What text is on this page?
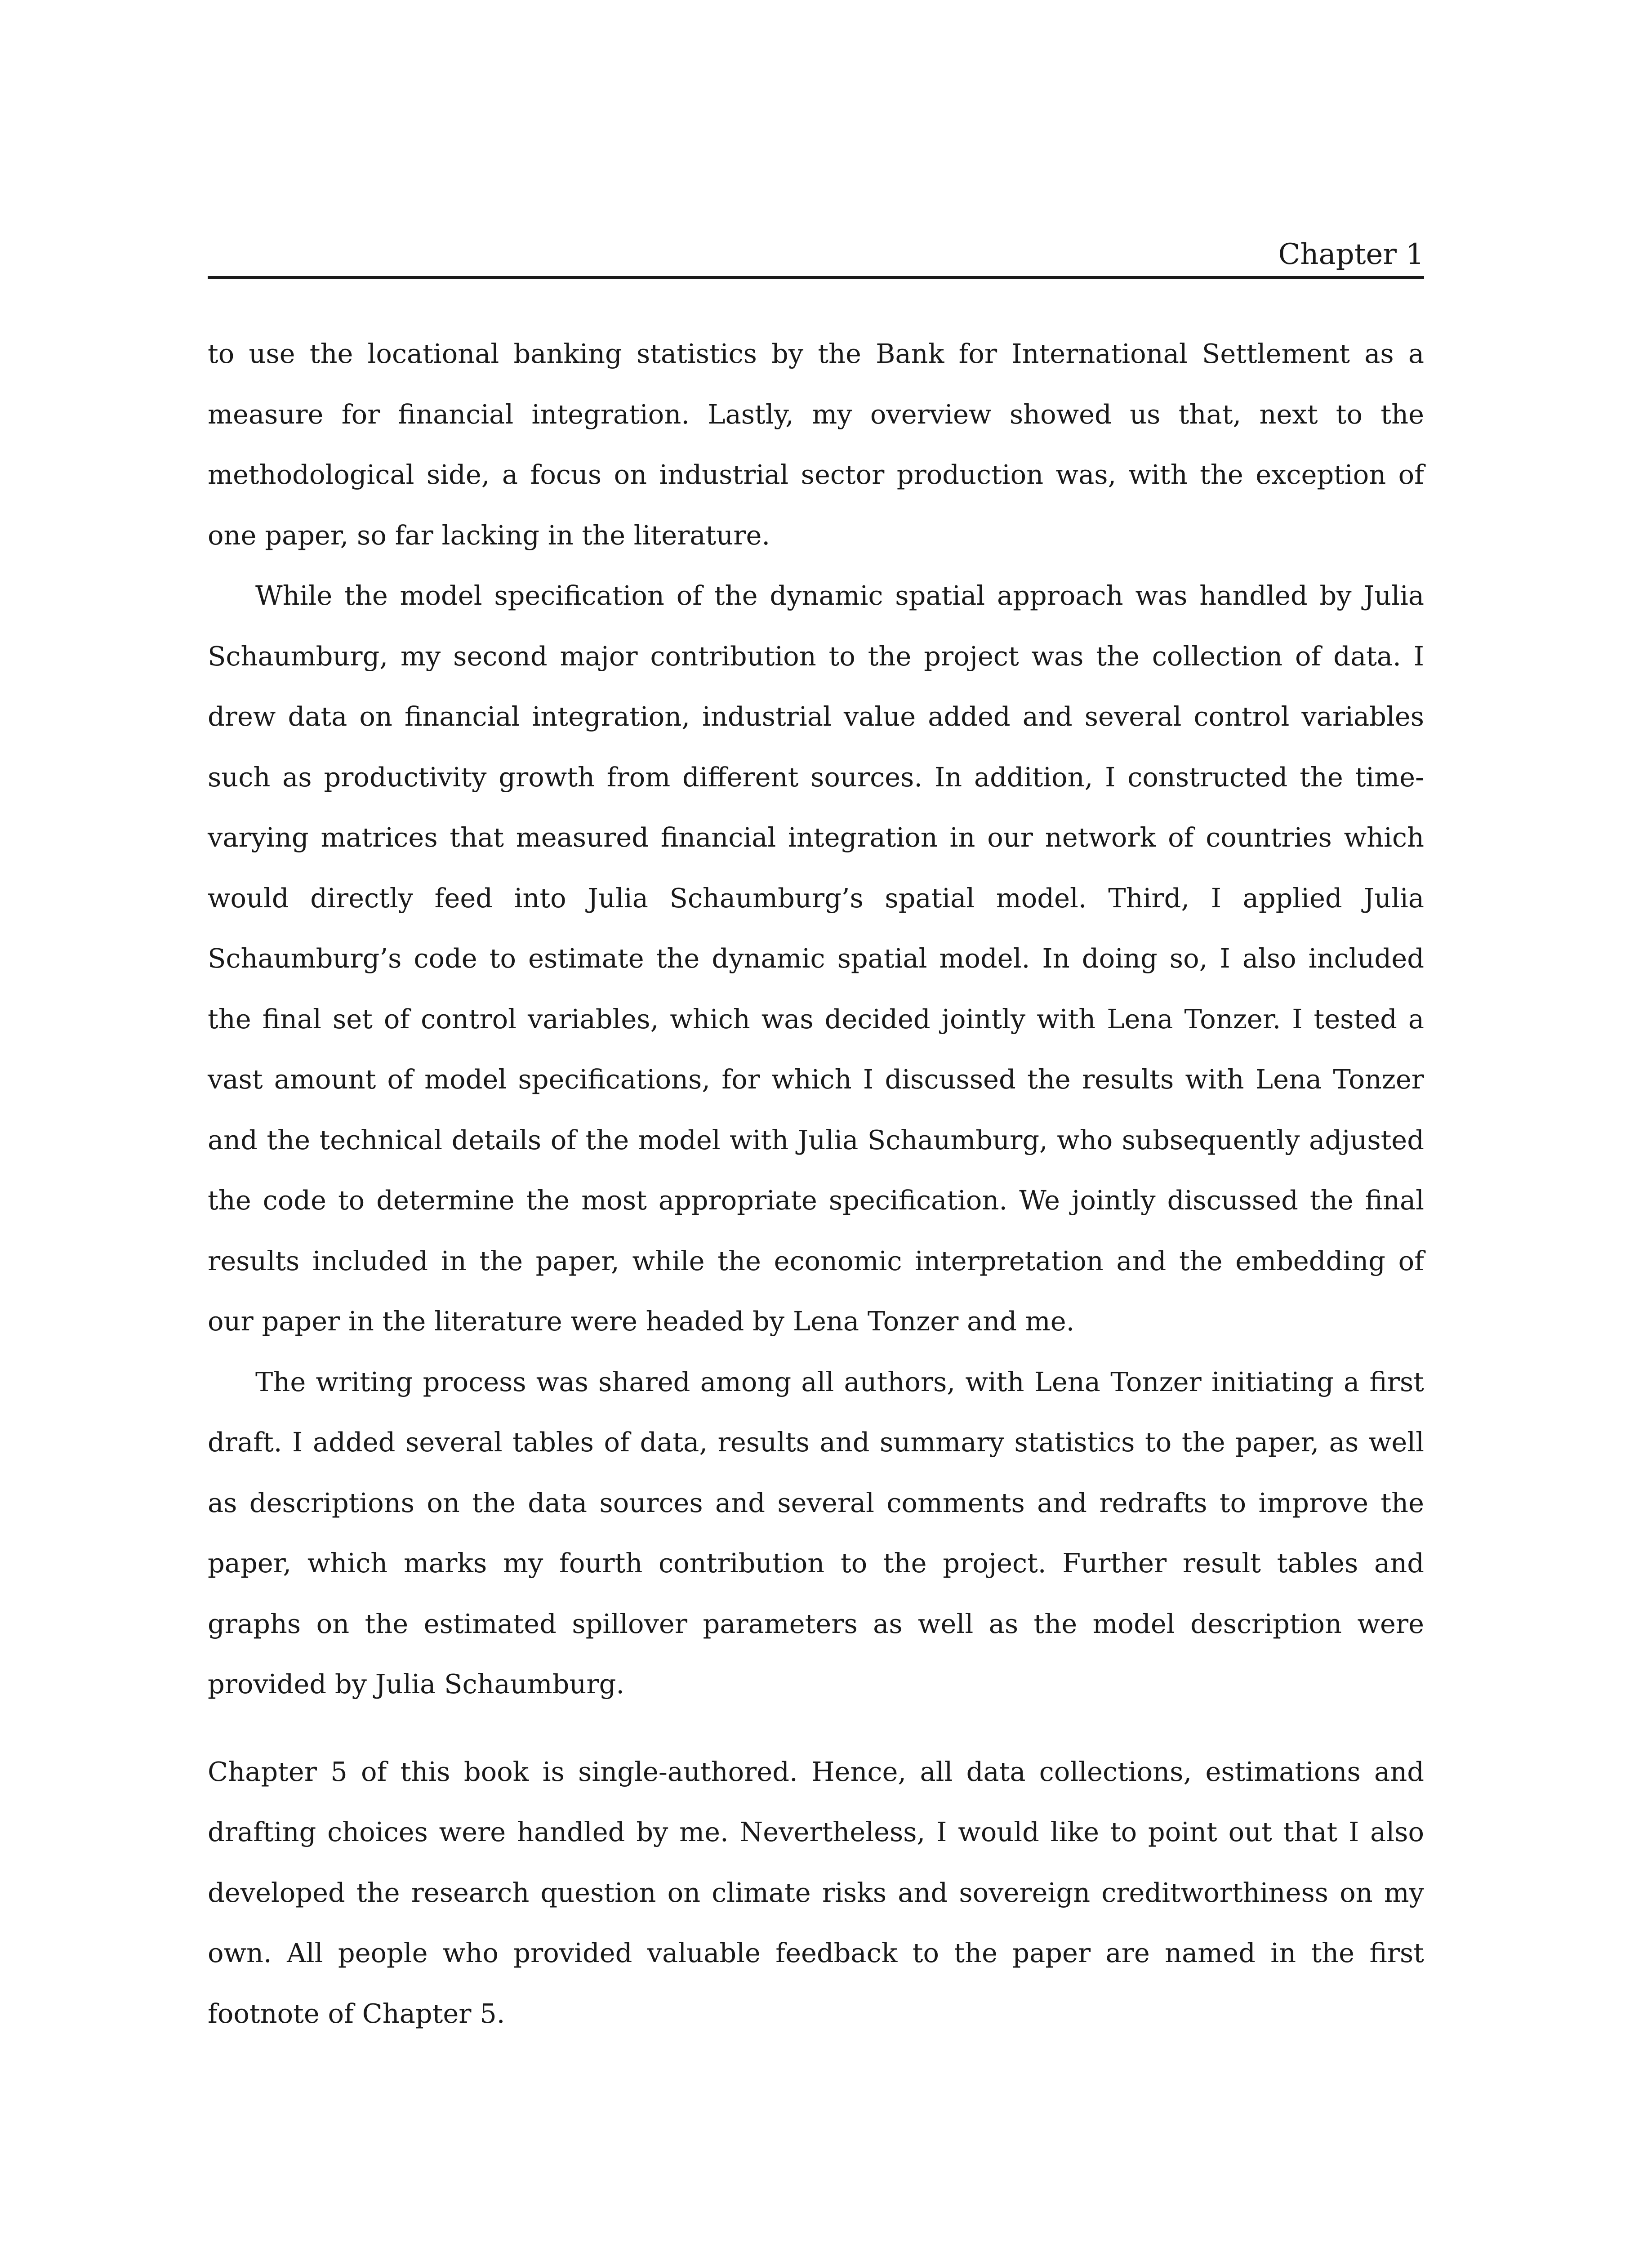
Chapter 1

to use the locational banking statistics by the Bank for International Settlement as a measure for financial integration. Lastly, my overview showed us that, next to the methodological side, a focus on industrial sector production was, with the exception of one paper, so far lacking in the literature.

While the model specification of the dynamic spatial approach was handled by Julia Schaumburg, my second major contribution to the project was the collection of data. I drew data on financial integration, industrial value added and several control variables such as productivity growth from different sources. In addition, I constructed the time-varying matrices that measured financial integration in our network of countries which would directly feed into Julia Schaumburg’s spatial model. Third, I applied Julia Schaumburg’s code to estimate the dynamic spatial model. In doing so, I also included the final set of control variables, which was decided jointly with Lena Tonzer. I tested a vast amount of model specifications, for which I discussed the results with Lena Tonzer and the technical details of the model with Julia Schaumburg, who subsequently adjusted the code to determine the most appropriate specification. We jointly discussed the final results included in the paper, while the economic interpretation and the embedding of our paper in the literature were headed by Lena Tonzer and me.

The writing process was shared among all authors, with Lena Tonzer initiating a first draft. I added several tables of data, results and summary statistics to the paper, as well as descriptions on the data sources and several comments and redrafts to improve the paper, which marks my fourth contribution to the project. Further result tables and graphs on the estimated spillover parameters as well as the model description were provided by Julia Schaumburg.

Chapter 5 of this book is single-authored. Hence, all data collections, estimations and drafting choices were handled by me. Nevertheless, I would like to point out that I also developed the research question on climate risks and sovereign creditworthiness on my own. All people who provided valuable feedback to the paper are named in the first footnote of Chapter 5.
